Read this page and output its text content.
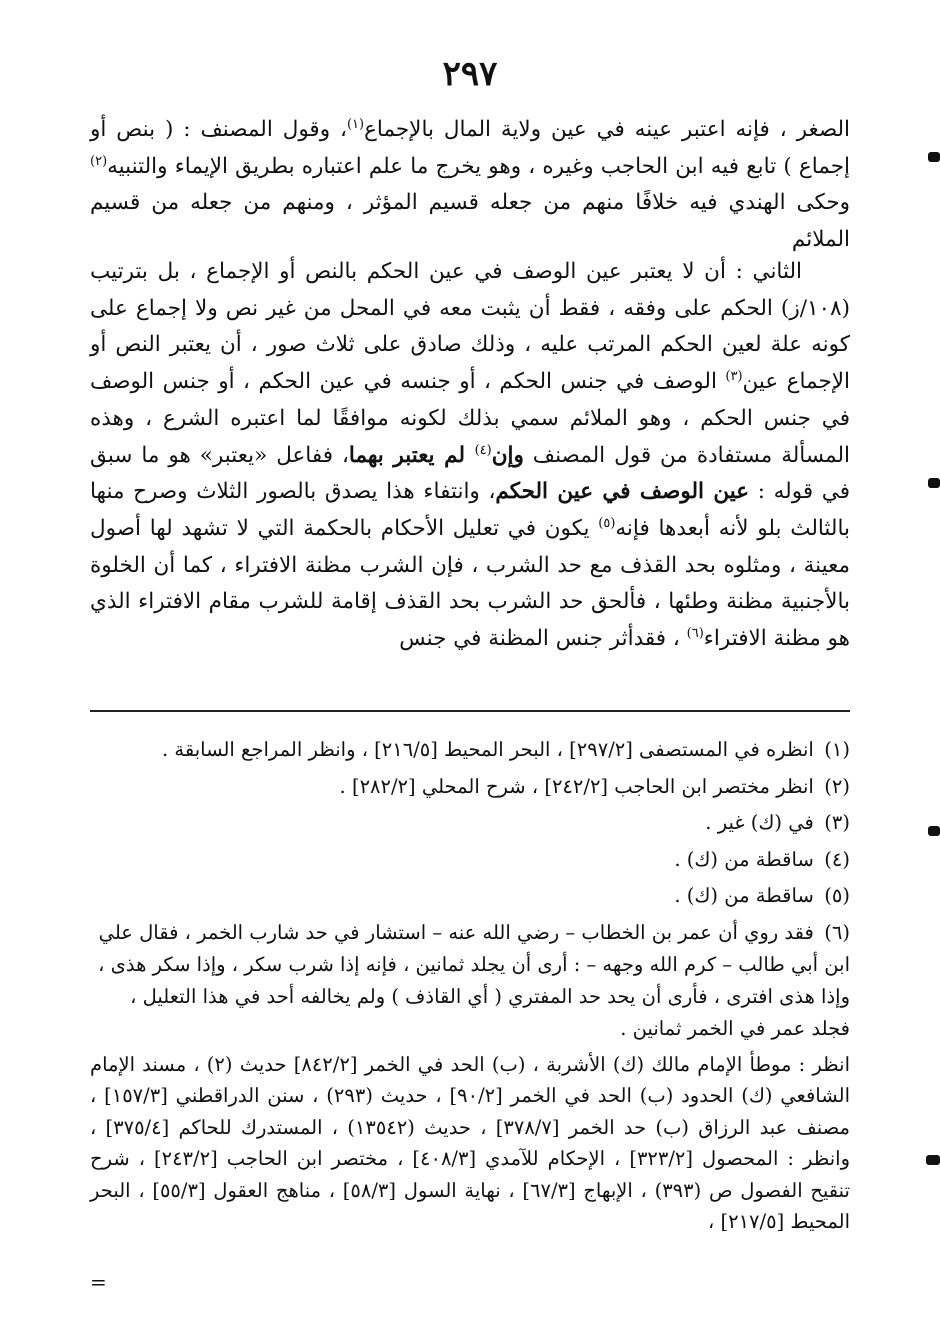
٢٩٧

الصغر ، فإنه اعتبر عينه في عين ولاية المال بالإجماع$^{(١)}$، وقول المصنف : ( بنص أو إجماع ) تابع فيه ابن الحاجب وغيره ، وهو يخرج ما علم اعتباره بطريق الإيماء والتنبيه$^{(٢)}$ وحكى الهندي فيه خلافًا منهم من جعله قسيم المؤثر ، ومنهم من جعله من قسيم الملائم

الثاني : أن لا يعتبر عين الوصف في عين الحكم بالنص أو الإجماع ، بل بترتيب (١٠٨/ز) الحكم على وفقه ، فقط أن يثبت معه في المحل من غير نص ولا إجماع على كونه علة لعين الحكم المرتب عليه ، وذلك صادق على ثلاث صور ، أن يعتبر النص أو الإجماع عين$^{(٣)}$ الوصف في جنس الحكم ، أو جنسه في عين الحكم ، أو جنس الوصف في جنس الحكم ، وهو الملائم سمي بذلك لكونه موافقًا لما اعتبره الشرع ، وهذه المسألة مستفادة من قول المصنف وإن$^{(٤)}$ لم يعتبر بهما، ففاعل «يعتبر» هو ما سبق في قوله : عين الوصف في عين الحكم، وانتفاء هذا يصدق بالصور الثلاث وصرح منها بالثالث بلو لأنه أبعدها فإنه$^{(٥)}$ يكون في تعليل الأحكام بالحكمة التي لا تشهد لها أصول معينة ، ومثلوه بحد القذف مع حد الشرب ، فإن الشرب مظنة الافتراء ، كما أن الخلوة بالأجنبية مظنة وطئها ، فألحق حد الشرب بحد القذف إقامة للشرب مقام الافتراء الذي هو مظنة الافتراء$^{(٦)}$ ، فقدأثر جنس المظنة في جنس

(١) انظره في المستصفى [٢٩٧/٢] ، البحر المحيط [٢١٦/٥] ، وانظر المراجع السابقة .

(٢) انظر مختصر ابن الحاجب [٢٤٢/٢] ، شرح المحلي [٢٨٢/٢] .

(٣) في (ك) غير .

(٤) ساقطة من (ك) .

(٥) ساقطة من (ك) .

(٦) فقد روي أن عمر بن الخطاب – رضي الله عنه – استشار في حد شارب الخمر ، فقال علي ابن أبي طالب – كرم الله وجهه – : أرى أن يجلد ثمانين ، فإنه إذا شرب سكر ، وإذا سكر هذى ، وإذا هذى افترى ، فأرى أن يحد حد المفتري ( أي القاذف ) ولم يخالفه أحد في هذا التعليل ، فجلد عمر في الخمر ثمانين .

انظر : موطأ الإمام مالك (ك) الأشربة ، (ب) الحد في الخمر [٨٤٢/٢] حديث (٢) ، مسند الإمام الشافعي (ك) الحدود (ب) الحد في الخمر [٩٠/٢] ، حديث (٢٩٣) ، سنن الدراقطني [١٥٧/٣] ، مصنف عبد الرزاق (ب) حد الخمر [٣٧٨/٧] ، حديث (١٣٥٤٢) ، المستدرك للحاكم [٣٧٥/٤] ، وانظر : المحصول [٣٢٣/٢] ، الإحكام للآمدي [٤٠٨/٣] ، مختصر ابن الحاجب [٢٤٣/٢] ، شرح تنقيح الفصول ص (٣٩٣) ، الإبهاج [٦٧/٣] ، نهاية السول [٥٨/٣] ، مناهج العقول [٥٥/٣] ، البحر المحيط [٢١٧/٥] ،

=
